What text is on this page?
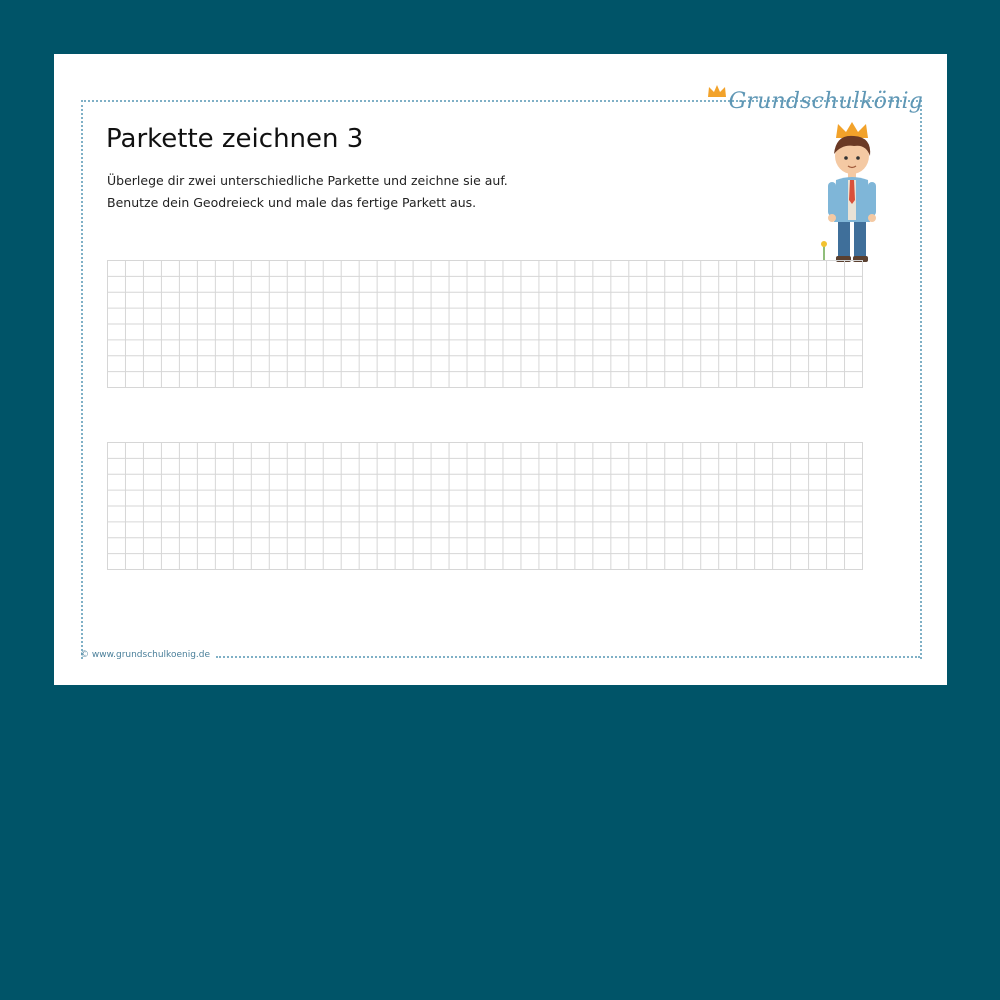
Grundschulkönig
Parkette zeichnen 3
Überlege dir zwei unterschiedliche Parkette und zeichne sie auf.
Benutze dein Geodreieck und male das fertige Parkett aus.
© www.grundschulkoenig.de
